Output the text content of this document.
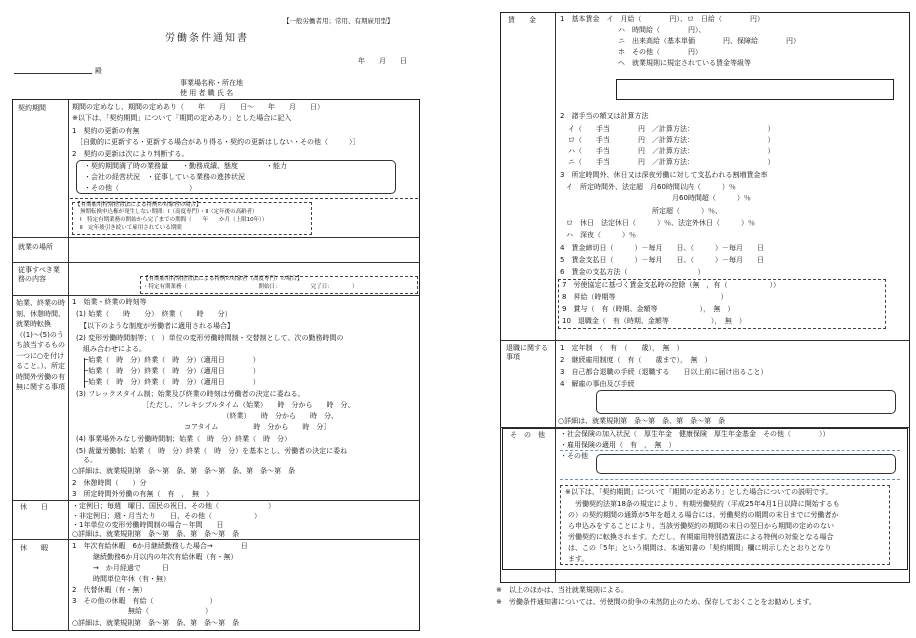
【一般労働者用；常用、有期雇用型】
労働条件通知書
年　　月　　日
殿
事業場名称・所在地
使 用 者 職 氏 名
契約期間	期間の定めなし、期間の定めあり（　　年　　月　　日～　　年　　月　　日）
※以下は、「契約期間」について「期間の定めあり」とした場合に記入
1　契約の更新の有無
［自動的に更新する・更新する場合があり得る・契約の更新はしない・その他（　　　）］
2　契約の更新は次により判断する。
・契約期間満了時の業務量　　・勤務成績、態度　　　　・能力
・会社の経営状況　・従事している業務の進捗状況
・その他（　　　　　　　　　　）
【有期雇用特別措置法による特例の対象者の場合】
無期転換申込権が発生しない期間：Ⅰ（高度専門）・Ⅱ（定年後の高齢者）
Ⅰ　特定有期業務の開始から完了までの期間（　　年　　か月（上限10年））
Ⅱ　定年後引き続いて雇用されている期間
就業の場所
従事すべき業務の内容	【有期雇用特別措置法による特例の対象者（高度専門）の場合】
・特定有期業務（　　　　　　　　　　　　　開始日：　　　　　　完了日：　　　　）
始業、終業の時刻、休憩時間、就業時転換（(1)～(5)のうち該当するもの一つに○を付けること。）、所定時間外労働の有無に関する事項
1　始業・終業の時刻等
(1) 始業（　　時　　分）　終業（　　時　　分）
【以下のような制度が労働者に適用される場合】
(2) 変形労働時間制等；（　）単位の変形労働時間制・交替制として、次の勤務時間の
　組み合わせによる。
─始業（　時　分）終業（　時　分）（適用日　　　　）
─始業（　時　分）終業（　時　分）（適用日　　　　）
─始業（　時　分）終業（　時　分）（適用日　　　　）
(3) フレックスタイム制；始業及び終業の時刻は労働者の決定に委ねる。
［ただし、フレキシブルタイム（始業）　　時　分から　　時　分、
　　　　　　　　　　　　（終業）　　時　分から　　時　分、
　　　　　　コアタイム　　　　　時　分から　　時　分］
(4) 事業場外みなし労働時間制；始業（　時　分）終業（　時　分）
(5) 裁量労働制；始業（　時　分）終業（　時　分）を基本とし、労働者の決定に委ね
　る。
○詳細は、就業規則第　条～第　条、第　条～第　条、第　条～第　条
2　休憩時間（　　）分
3　所定時間外労働の有無（　有　，　無　）
休　　日	・定例日；毎週　曜日、国民の祝日、その他（　　　　　　　）
・非定例日；週・月当たり　　日、その他（　　　　　　）
・1年単位の変形労働時間制の場合－年間　　日
○詳細は、就業規則第　条～第　条、第　条～第　条
休　　暇	1　年次有給休暇　6か月継続勤務した場合→　　　　日
　　　継続勤務6か月以内の年次有給休暇（有・無）
　　　→　か月経過で　　　日
　　　時間単位年休（有・無）
2　代替休暇（有・無）
3　その他の休暇　有給（　　　　　　　　）
　　　　　　　　無給（　　　　　　　　）
○詳細は、就業規則第　条～第　条、第　条～第　条
賃　　金	1　基本賃金　イ　月給（　　　　円）、ロ　日給（　　　　円）
ハ　時間給（　　　　円）、
ニ　出来高給（基本単価　　　　円、保障給　　　　円）
ホ　その他（　　　　円）
ヘ　就業規則に規定されている賃金等級等
2　諸手当の額又は計算方法
イ（　　手当　　　　円　／計算方法：　　　　　　　　　　　）
ロ（　　手当　　　　円　／計算方法：　　　　　　　　　　　）
ハ（　　手当　　　　円　／計算方法：　　　　　　　　　　　）
ニ（　　手当　　　　円　／計算方法：　　　　　　　　　　　）
3　所定時間外、休日又は深夜労働に対して支払われる割増賃金率
イ　所定時間外、法定超　月60時間以内（　　　）％
月60時間超（　　　）％
所定超（　　　）％、
ロ　休日　法定休日（　　　）％、法定外休日（　　　）％
ハ　深夜（　　　）％
4　賃金締切日（　　　）－毎月　　日、（　　　）－毎月　　日
5　賃金支払日（　　　）－毎月　　日、（　　　）－毎月　　日
6　賃金の支払方法（　　　　　　　　　　）
7　労使協定に基づく賃金支払時の控除（無　，有（　　　　　　））
8　昇給（時期等　　　　　　　　　　　　　　　）
9　賞与（　有（時期、金額等　　　　　　），　無　）
10　退職金（　有（時期、金額等　　　　　　），　無　）
退職に関する事項
1　定年制　（　有　（　　歳），　無　）
2　継続雇用制度（　有（　　歳まで），　無　）
3　自己都合退職の手続（退職する　　日以上前に届け出ること）
4　解雇の事由及び手続
○詳細は、就業規則第　条～第　条、第　条～第　条
そ　の　他	・社会保険の加入状況（　厚生年金　健康保険　厚生年金基金　その他（　　　　））
・雇用保険の適用（　有　，　無　）
・その他
※以下は、「契約期間」について「期間の定めあり」とした場合についての説明です。
労働契約法第18条の規定により、有期労働契約（平成25年4月1日以降に開始するも
の）の契約期間の通算が5年を超える場合には、労働契約の期間の末日までに労働者か
ら申込みをすることにより、当該労働契約の期間の末日の翌日から期間の定めのない
労働契約に転換されます。ただし、有期雇用特別措置法による特例の対象となる場合
は、この「5年」という期間は、本通知書の「契約期間」欄に明示したとおりとなり
ます。
※　以上のほかは、当社就業規則による。
※　労働条件通知書については、労使間の紛争の未然防止のため、保存しておくことをお勧めします。
